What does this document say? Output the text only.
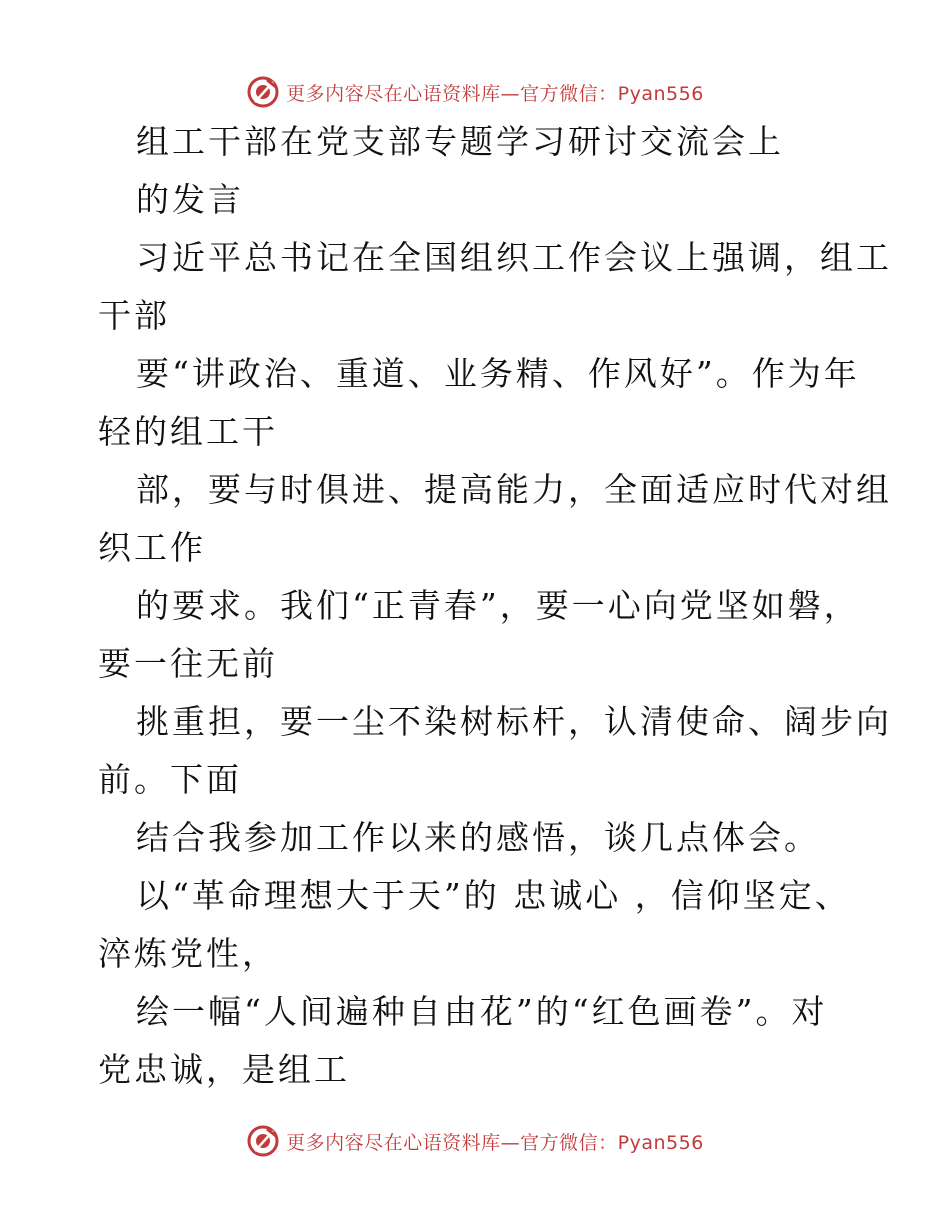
更多内容尽在心语资料库—官方微信：Pyan556
组工干部在党支部专题学习研讨交流会上
的发言
习近平总书记在全国组织工作会议上强调，组工
干部
要“讲政治、重道、业务精、作风好”。作为年
轻的组工干
部，要与时俱进、提高能力，全面适应时代对组
织工作
的要求。我们“正青春”，要一心向党坚如磐，
要一往无前
挑重担，要一尘不染树标杆，认清使命、阔步向
前。下面
结合我参加工作以来的感悟，谈几点体会。
以“革命理想大于天”的 忠诚心 ，信仰坚定、
淬炼党性，
绘一幅“人间遍种自由花”的“红色画卷”。对
党忠诚，是组工
更多内容尽在心语资料库—官方微信：Pyan556
